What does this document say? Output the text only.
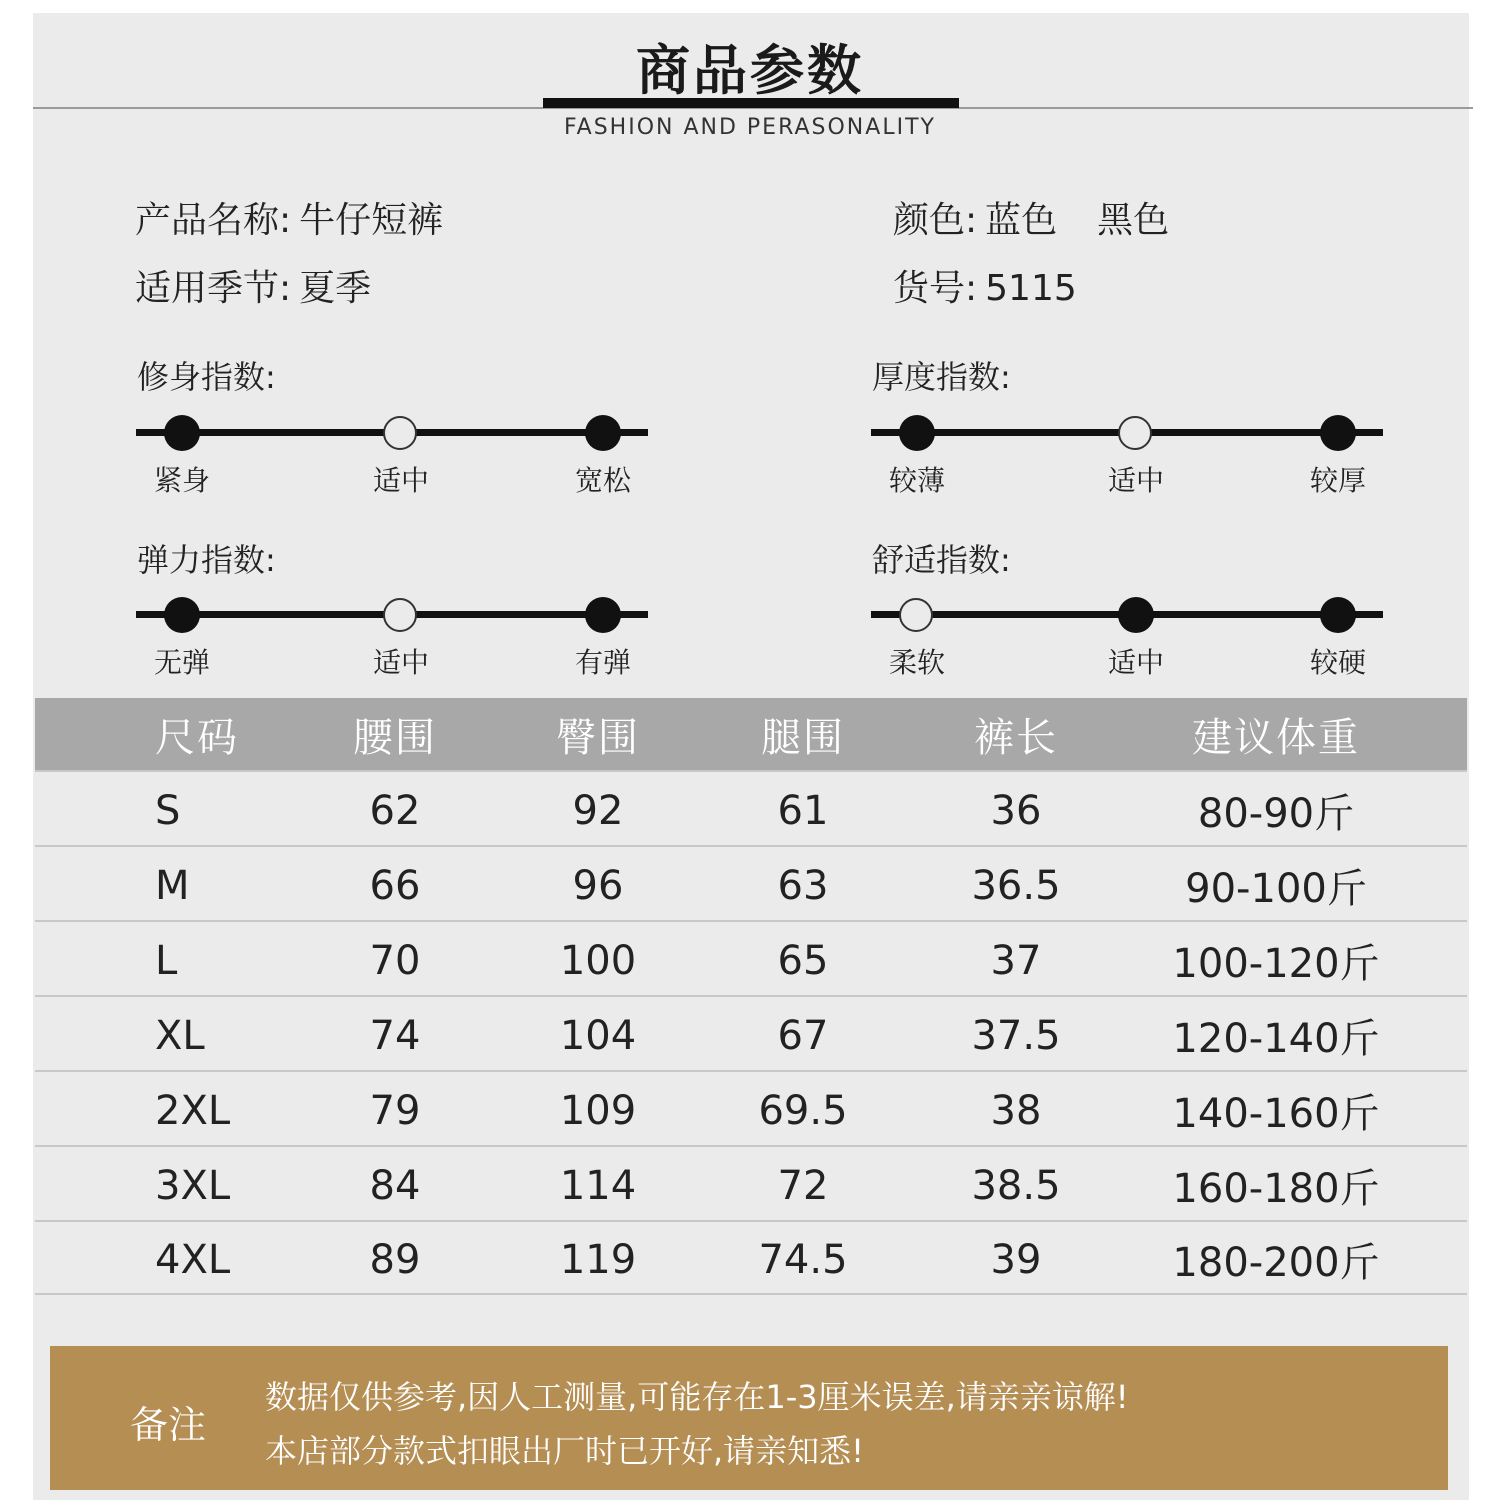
商品参数
FASHION AND PERASONALITY
产品名称: 牛仔短裤
适用季节: 夏季
颜色: 蓝色 黑色
货号: 5115
修身指数:	厚度指数:
弹力指数:	舒适指数:
紧身	适中	宽松	较薄	适中	较厚
无弹	适中	有弹	柔软	适中	较硬
尺码	腰围	臀围	腿围	裤长	建议体重
S	62	92	61	36	80-90斤
M	66	96	63	36.5	90-100斤
L	70	100	65	37	100-120斤
XL	74	104	67	37.5	120-140斤
2XL	79	109	69.5	38	140-160斤
3XL	84	114	72	38.5	160-180斤
4XL	89	119	74.5	39	180-200斤
备注
数据仅供参考,因人工测量,可能存在1-3厘米误差,请亲亲谅解!
本店部分款式扣眼出厂时已开好,请亲知悉!
